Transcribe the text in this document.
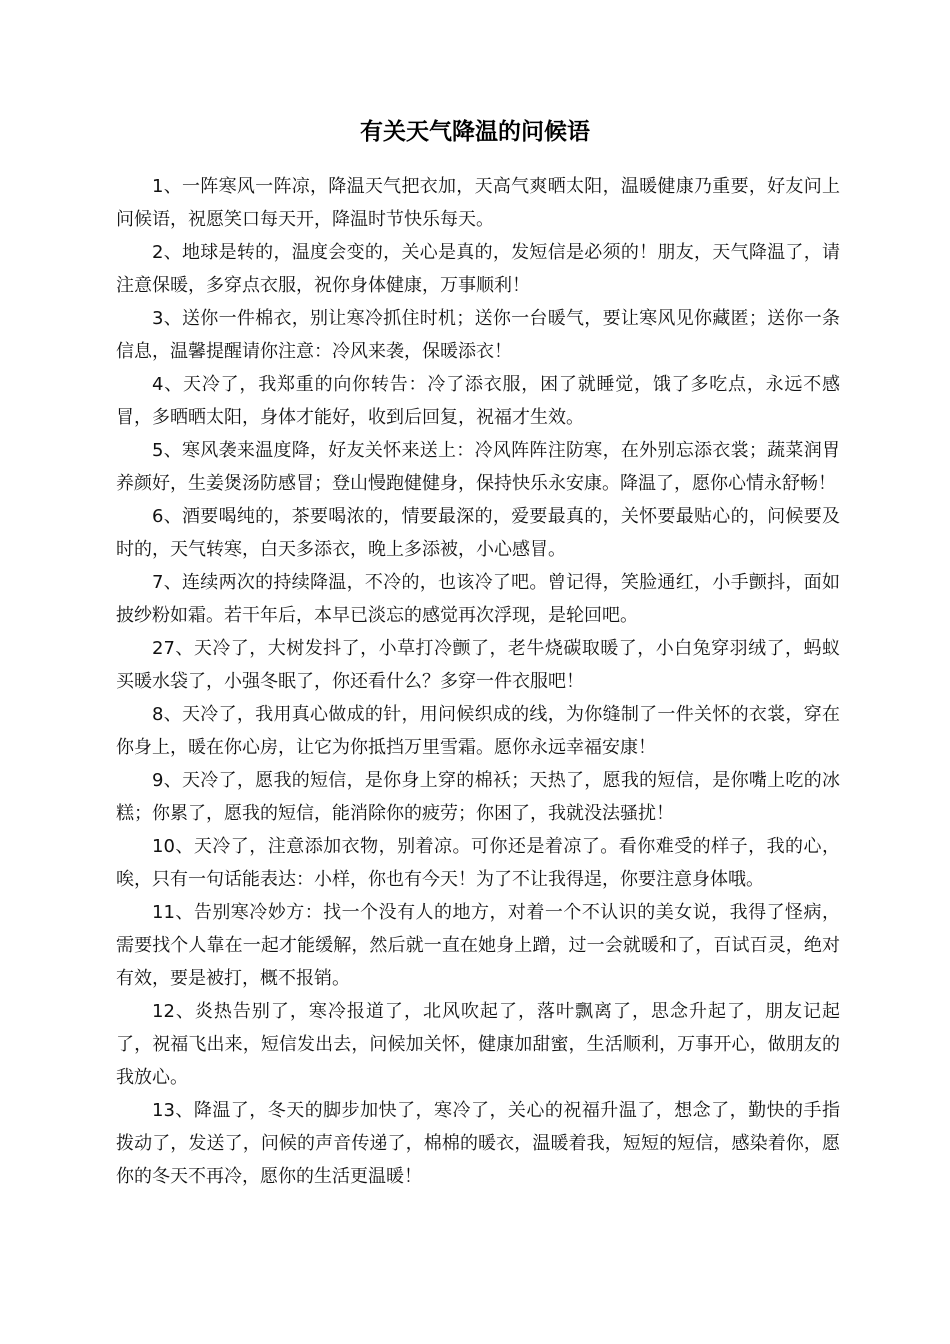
有关天气降温的问候语

1、一阵寒风一阵凉，降温天气把衣加，天高气爽晒太阳，温暖健康乃重要，好友问上问候语，祝愿笑口每天开，降温时节快乐每天。

2、地球是转的，温度会变的，关心是真的，发短信是必须的！朋友，天气降温了，请注意保暖，多穿点衣服，祝你身体健康，万事顺利！

3、送你一件棉衣，别让寒冷抓住时机；送你一台暖气，要让寒风见你藏匿；送你一条信息，温馨提醒请你注意：冷风来袭，保暖添衣！

4、天冷了，我郑重的向你转告：冷了添衣服，困了就睡觉，饿了多吃点，永远不感冒，多晒晒太阳，身体才能好，收到后回复，祝福才生效。

5、寒风袭来温度降，好友关怀来送上：冷风阵阵注防寒，在外别忘添衣裳；蔬菜润胃养颜好，生姜煲汤防感冒；登山慢跑健健身，保持快乐永安康。降温了，愿你心情永舒畅！

6、酒要喝纯的，茶要喝浓的，情要最深的，爱要最真的，关怀要最贴心的，问候要及时的，天气转寒，白天多添衣，晚上多添被，小心感冒。

7、连续两次的持续降温，不冷的，也该冷了吧。曾记得，笑脸通红，小手颤抖，面如披纱粉如霜。若干年后，本早已淡忘的感觉再次浮现，是轮回吧。

27、天冷了，大树发抖了，小草打冷颤了，老牛烧碳取暖了，小白兔穿羽绒了，蚂蚁买暖水袋了，小强冬眠了，你还看什么？多穿一件衣服吧！

8、天冷了，我用真心做成的针，用问候织成的线，为你缝制了一件关怀的衣裳，穿在你身上，暖在你心房，让它为你抵挡万里雪霜。愿你永远幸福安康！

9、天冷了，愿我的短信，是你身上穿的棉袄；天热了，愿我的短信，是你嘴上吃的冰糕；你累了，愿我的短信，能消除你的疲劳；你困了，我就没法骚扰！

10、天冷了，注意添加衣物，别着凉。可你还是着凉了。看你难受的样子，我的心，唉，只有一句话能表达：小样，你也有今天！为了不让我得逞，你要注意身体哦。

11、告别寒冷妙方：找一个没有人的地方，对着一个不认识的美女说，我得了怪病，需要找个人靠在一起才能缓解，然后就一直在她身上蹭，过一会就暖和了，百试百灵，绝对有效，要是被打，概不报销。

12、炎热告别了，寒冷报道了，北风吹起了，落叶飘离了，思念升起了，朋友记起了，祝福飞出来，短信发出去，问候加关怀，健康加甜蜜，生活顺利，万事开心，做朋友的我放心。

13、降温了，冬天的脚步加快了，寒冷了，关心的祝福升温了，想念了，勤快的手指拨动了，发送了，问候的声音传递了，棉棉的暖衣，温暖着我，短短的短信，感染着你，愿你的冬天不再冷，愿你的生活更温暖！
